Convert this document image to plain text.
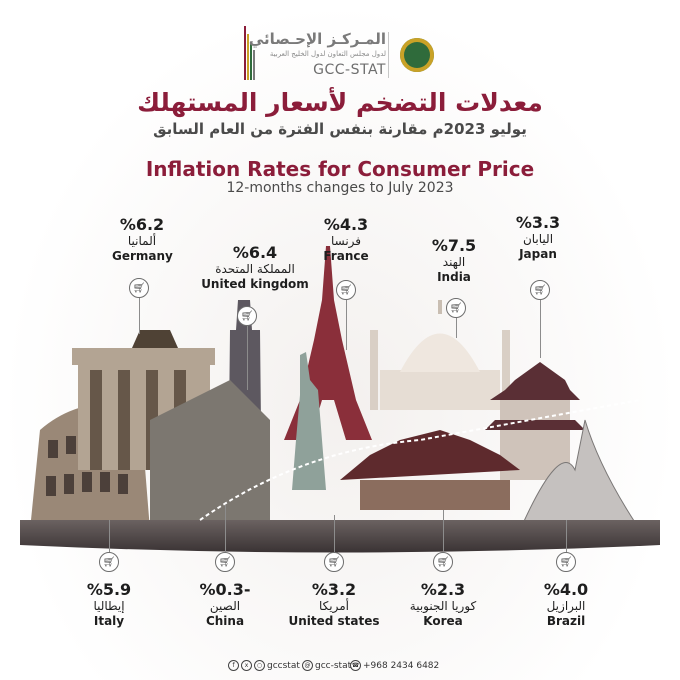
المـركـز الإحـصائي
لدول مجلس التعاون لدول الخليج العربية
GCC-STAT
معدلات التضخم لأسعار المستهلك
يوليو 2023م مقارنة بنفس الفترة من العام السابق
Inflation Rates for Consumer Price
12-months changes to July 2023
%6.2
ألمانيا
Germany
🛒︎
%6.4
المملكة المتحدة
United kingdom
🛒︎
%4.3
فرنسا
France
🛒︎
%7.5
الهند
India
🛒︎
%3.3
اليابان
Japan
🛒︎
🛒︎
%5.9
إيطاليا
Italy
🛒︎
%0.3-
الصين
China
🛒︎
%3.2
أمريكا
United states
🛒︎
%2.3
كوريا الجنوبية
Korea
🛒︎
%4.0
البرازيل
Brazil
f x ○ gccstat @ gcc-stat ☎ +968 2434 6482
